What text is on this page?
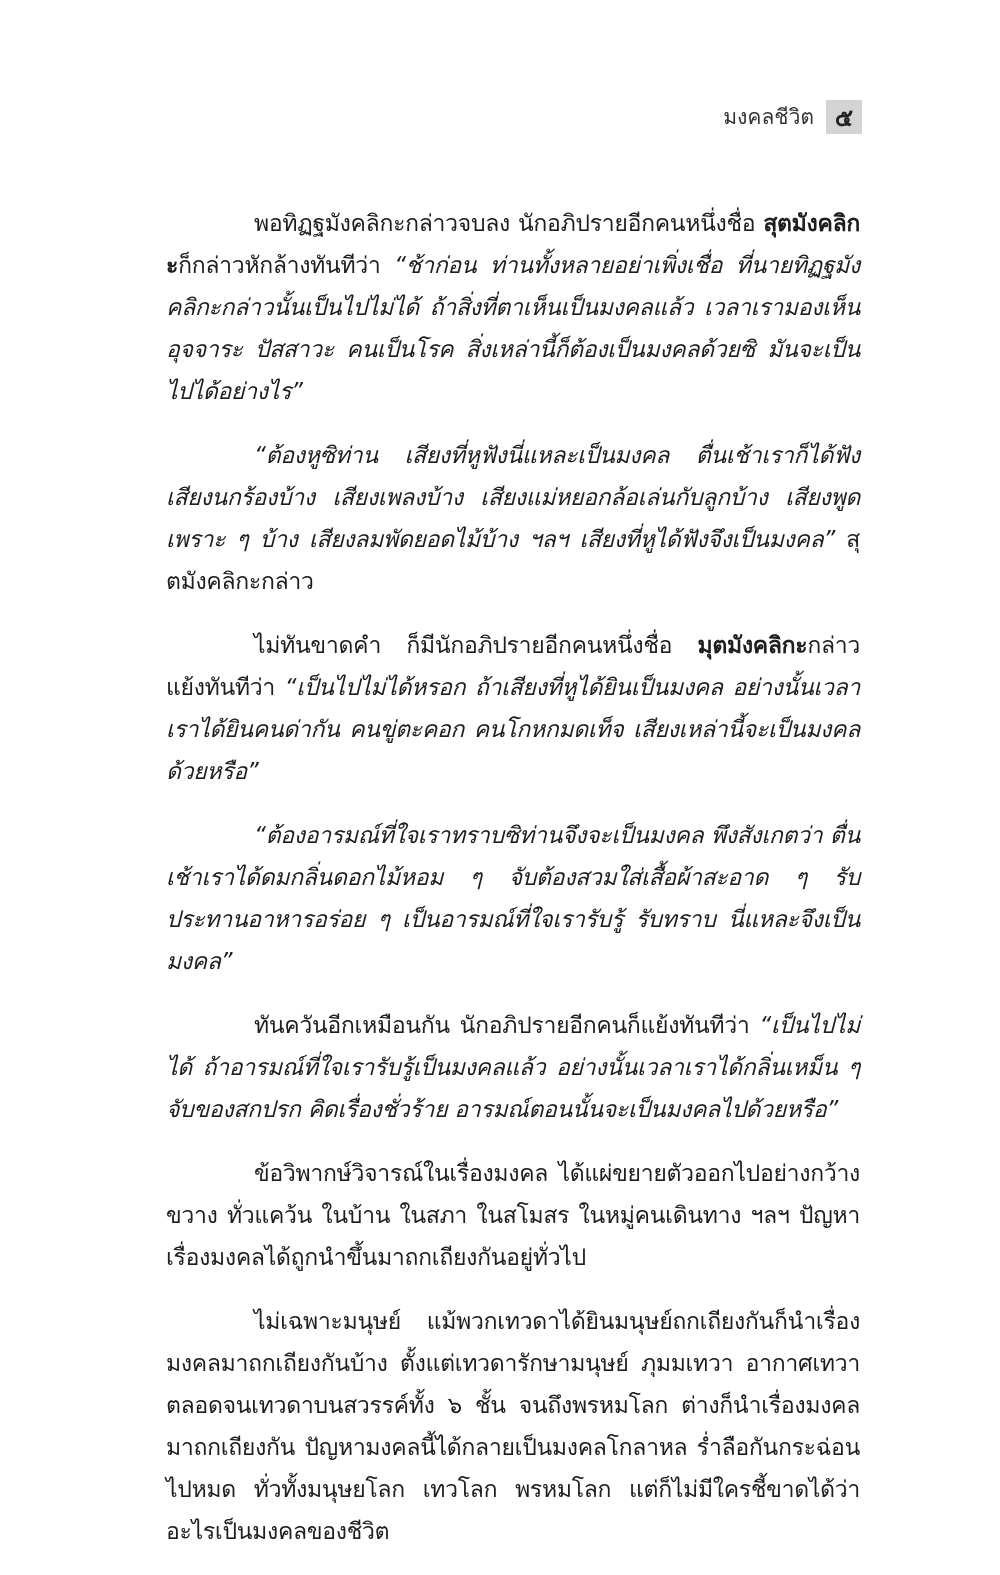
มงคลชีวิต ๕

พอทิฏฐมังคลิกะกล่าวจบลง นักอภิปรายอีกคนหนึ่งชื่อ สุตมังคลิกะก็กล่าวหักล้างทันทีว่า “ช้าก่อน ท่านทั้งหลายอย่าเพิ่งเชื่อ ที่นายทิฏฐมังคลิกะกล่าวนั้นเป็นไปไม่ได้ ถ้าสิ่งที่ตาเห็นเป็นมงคลแล้ว เวลาเรามองเห็นอุจจาระ ปัสสาวะ คนเป็นโรค สิ่งเหล่านี้ก็ต้องเป็นมงคลด้วยซิ มันจะเป็นไปได้อย่างไร”

“ต้องหูซิท่าน เสียงที่หูฟังนี่แหละเป็นมงคล ตื่นเช้าเราก็ได้ฟังเสียงนกร้องบ้าง เสียงเพลงบ้าง เสียงแม่หยอกล้อเล่นกับลูกบ้าง เสียงพูดเพราะ ๆ บ้าง เสียงลมพัดยอดไม้บ้าง ฯลฯ เสียงที่หูได้ฟังจึงเป็นมงคล” สุตมังคลิกะกล่าว

ไม่ทันขาดคำ ก็มีนักอภิปรายอีกคนหนึ่งชื่อ มุตมังคลิกะกล่าวแย้งทันทีว่า “เป็นไปไม่ได้หรอก ถ้าเสียงที่หูได้ยินเป็นมงคล อย่างนั้นเวลาเราได้ยินคนด่ากัน คนขู่ตะคอก คนโกหกมดเท็จ เสียงเหล่านี้จะเป็นมงคลด้วยหรือ”

“ต้องอารมณ์ที่ใจเราทราบซิท่านจึงจะเป็นมงคล พึงสังเกตว่า ตื่นเช้าเราได้ดมกลิ่นดอกไม้หอม ๆ จับต้องสวมใส่เสื้อผ้าสะอาด ๆ รับประทานอาหารอร่อย ๆ เป็นอารมณ์ที่ใจเรารับรู้ รับทราบ นี่แหละจึงเป็นมงคล”

ทันควันอีกเหมือนกัน นักอภิปรายอีกคนก็แย้งทันทีว่า “เป็นไปไม่ได้ ถ้าอารมณ์ที่ใจเรารับรู้เป็นมงคลแล้ว อย่างนั้นเวลาเราได้กลิ่นเหม็น ๆ จับของสกปรก คิดเรื่องชั่วร้าย อารมณ์ตอนนั้นจะเป็นมงคลไปด้วยหรือ”

ข้อวิพากษ์วิจารณ์ในเรื่องมงคล ได้แผ่ขยายตัวออกไปอย่างกว้างขวาง ทั่วแคว้น ในบ้าน ในสภา ในสโมสร ในหมู่คนเดินทาง ฯลฯ ปัญหาเรื่องมงคลได้ถูกนำขึ้นมาถกเถียงกันอยู่ทั่วไป

ไม่เฉพาะมนุษย์ แม้พวกเทวดาได้ยินมนุษย์ถกเถียงกันก็นำเรื่องมงคลมาถกเถียงกันบ้าง ตั้งแต่เทวดารักษามนุษย์ ภุมมเทวา อากาศเทวา ตลอดจนเทวดาบนสวรรค์ทั้ง ๖ ชั้น จนถึงพรหมโลก ต่างก็นำเรื่องมงคลมาถกเถียงกัน ปัญหามงคลนี้ได้กลายเป็นมงคลโกลาหล ร่ำลือกันกระฉ่อนไปหมด ทั่วทั้งมนุษยโลก เทวโลก พรหมโลก แต่ก็ไม่มีใครชี้ขาดได้ว่าอะไรเป็นมงคลของชีวิต
